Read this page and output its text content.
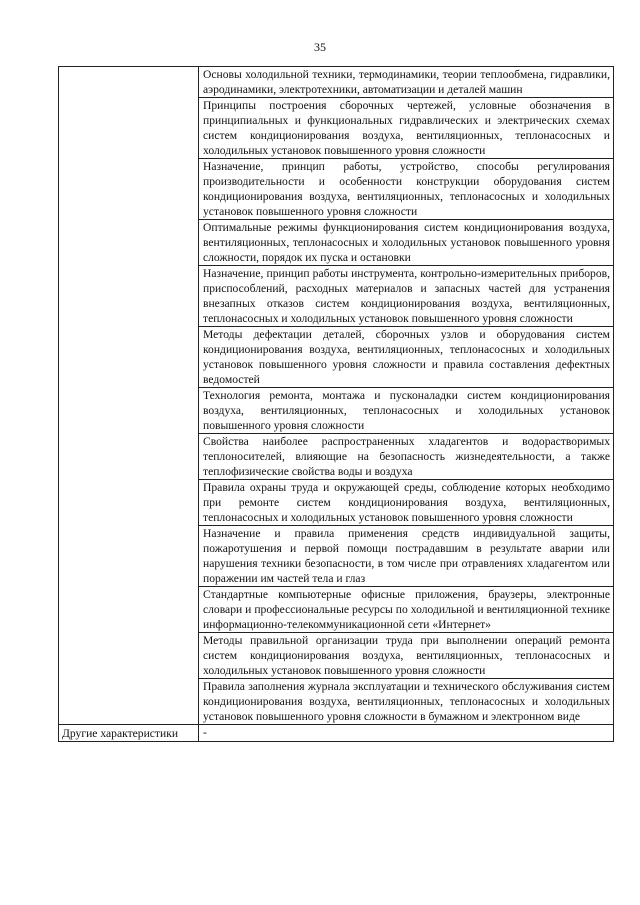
35
	Основы холодильной техники, термодинамики, теории теплообмена, гидравлики, аэродинамики, электротехники, автоматизации и деталей машин
	Принципы построения сборочных чертежей, условные обозначения в принципиальных и функциональных гидравлических и электрических схемах систем кондиционирования воздуха, вентиляционных, теплонасосных и холодильных установок повышенного уровня сложности
	Назначение, принцип работы, устройство, способы регулирования производительности и особенности конструкции оборудования систем кондиционирования воздуха, вентиляционных, теплонасосных и холодильных установок повышенного уровня сложности
	Оптимальные режимы функционирования систем кондиционирования воздуха, вентиляционных, теплонасосных и холодильных установок повышенного уровня сложности, порядок их пуска и остановки
	Назначение, принцип работы инструмента, контрольно-измерительных приборов, приспособлений, расходных материалов и запасных частей для устранения внезапных отказов систем кондиционирования воздуха, вентиляционных, теплонасосных и холодильных установок повышенного уровня сложности
	Методы дефектации деталей, сборочных узлов и оборудования систем кондиционирования воздуха, вентиляционных, теплонасосных и холодильных установок повышенного уровня сложности и правила составления дефектных ведомостей
	Технология ремонта, монтажа и пусконаладки систем кондиционирования воздуха, вентиляционных, теплонасосных и холодильных установок повышенного уровня сложности
	Свойства наиболее распространенных хладагентов и водорастворимых теплоносителей, влияющие на безопасность жизнедеятельности, а также теплофизические свойства воды и воздуха
	Правила охраны труда и окружающей среды, соблюдение которых необходимо при ремонте систем кондиционирования воздуха, вентиляционных, теплонасосных и холодильных установок повышенного уровня сложности
	Назначение и правила применения средств индивидуальной защиты, пожаротушения и первой помощи пострадавшим в результате аварии или нарушения техники безопасности, в том числе при отравлениях хладагентом или поражении им частей тела и глаз
	Стандартные компьютерные офисные приложения, браузеры, электронные словари и профессиональные ресурсы по холодильной и вентиляционной технике информационно-телекоммуникационной сети «Интернет»
	Методы правильной организации труда при выполнении операций ремонта систем кондиционирования воздуха, вентиляционных, теплонасосных и холодильных установок повышенного уровня сложности
	Правила заполнения журнала эксплуатации и технического обслуживания систем кондиционирования воздуха, вентиляционных, теплонасосных и холодильных установок повышенного уровня сложности в бумажном и электронном виде
Другие характеристики	-
